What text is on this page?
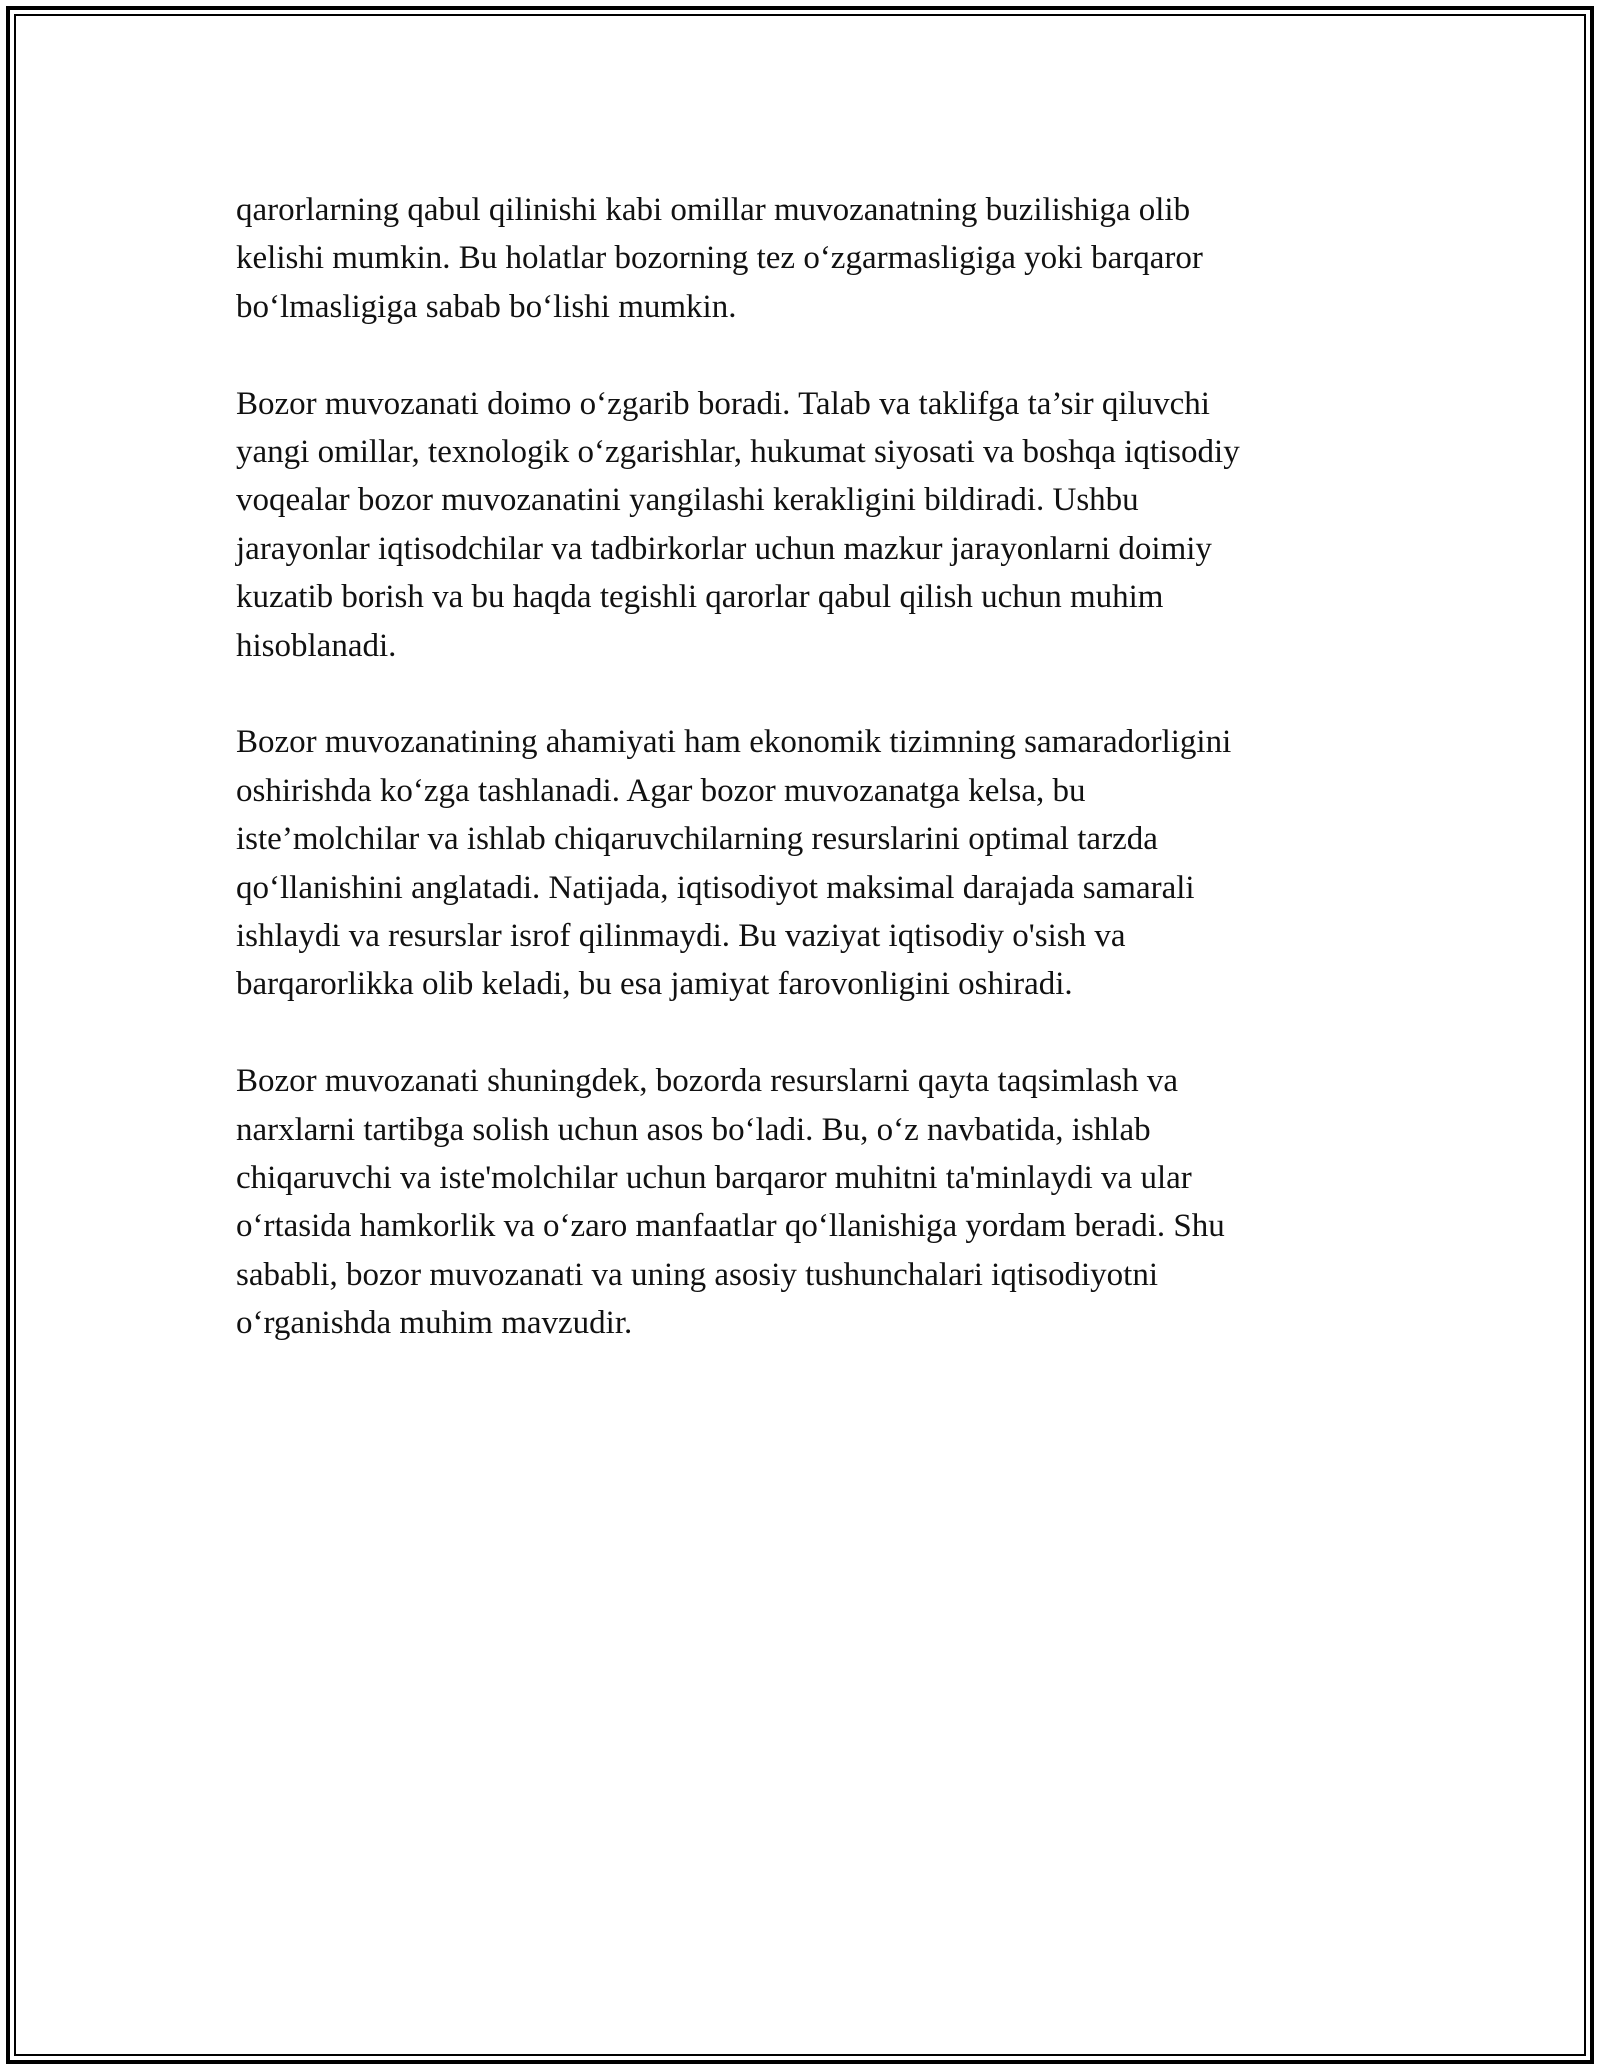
qarorlarning qabul qilinishi kabi omillar muvozanatning buzilishiga olib
kelishi mumkin. Bu holatlar bozorning tez o‘zgarmasligiga yoki barqaror
bo‘lmasligiga sabab bo‘lishi mumkin.

Bozor muvozanati doimo o‘zgarib boradi. Talab va taklifga ta’sir qiluvchi
yangi omillar, texnologik o‘zgarishlar, hukumat siyosati va boshqa iqtisodiy
voqealar bozor muvozanatini yangilashi kerakligini bildiradi. Ushbu
jarayonlar iqtisodchilar va tadbirkorlar uchun mazkur jarayonlarni doimiy
kuzatib borish va bu haqda tegishli qarorlar qabul qilish uchun muhim
hisoblanadi.

Bozor muvozanatining ahamiyati ham ekonomik tizimning samaradorligini
oshirishda ko‘zga tashlanadi. Agar bozor muvozanatga kelsa, bu
iste’molchilar va ishlab chiqaruvchilarning resurslarini optimal tarzda
qo‘llanishini anglatadi. Natijada, iqtisodiyot maksimal darajada samarali
ishlaydi va resurslar isrof qilinmaydi. Bu vaziyat iqtisodiy o'sish va
barqarorlikka olib keladi, bu esa jamiyat farovonligini oshiradi.

Bozor muvozanati shuningdek, bozorda resurslarni qayta taqsimlash va
narxlarni tartibga solish uchun asos bo‘ladi. Bu, o‘z navbatida, ishlab
chiqaruvchi va iste'molchilar uchun barqaror muhitni ta'minlaydi va ular
o‘rtasida hamkorlik va o‘zaro manfaatlar qo‘llanishiga yordam beradi. Shu
sababli, bozor muvozanati va uning asosiy tushunchalari iqtisodiyotni
o‘rganishda muhim mavzudir.
